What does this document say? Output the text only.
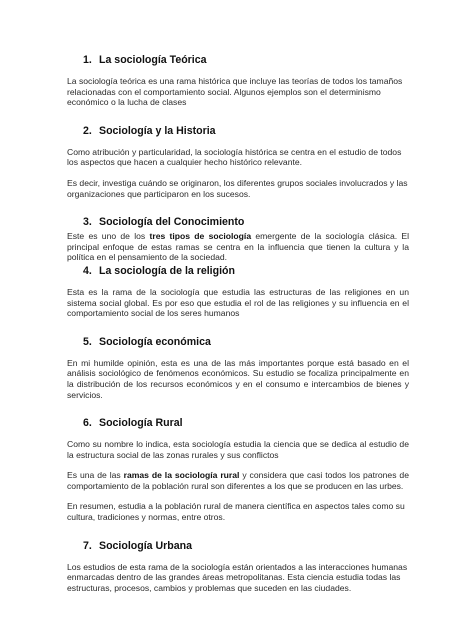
1. La sociología Teórica

La sociología teórica es una rama histórica que incluye las teorías de todos los tamaños relacionadas con el comportamiento social. Algunos ejemplos son el determinismo económico o la lucha de clases

2. Sociología y la Historia

Como atribución y particularidad, la sociología histórica se centra en el estudio de todos los aspectos que hacen a cualquier hecho histórico relevante.

Es decir, investiga cuándo se originaron, los diferentes grupos sociales involucrados y las organizaciones que participaron en los sucesos.

3. Sociología del Conocimiento

Este es uno de los tres tipos de sociología emergente de la sociología clásica. El principal enfoque de estas ramas se centra en la influencia que tienen la cultura y la política en el pensamiento de la sociedad.

4. La sociología de la religión

Esta es la rama de la sociología que estudia las estructuras de las religiones en un sistema social global. Es por eso que estudia el rol de las religiones y su influencia en el comportamiento social de los seres humanos

5. Sociología económica

En mi humilde opinión, esta es una de las más importantes porque está basado en el análisis sociológico de fenómenos económicos. Su estudio se focaliza principalmente en la distribución de los recursos económicos y en el consumo e intercambios de bienes y servicios.

6. Sociología Rural

Como su nombre lo indica, esta sociología estudia la ciencia que se dedica al estudio de la estructura social de las zonas rurales y sus conflictos

Es una de las ramas de la sociología rural y considera que casi todos los patrones de comportamiento de la población rural son diferentes a los que se producen en las urbes.

En resumen, estudia a la población rural de manera científica en aspectos tales como su cultura, tradiciones y normas, entre otros.

7. Sociología Urbana

Los estudios de esta rama de la sociología están orientados a las interacciones humanas enmarcadas dentro de las grandes áreas metropolitanas. Esta ciencia estudia todas las estructuras, procesos, cambios y problemas que suceden en las ciudades.
